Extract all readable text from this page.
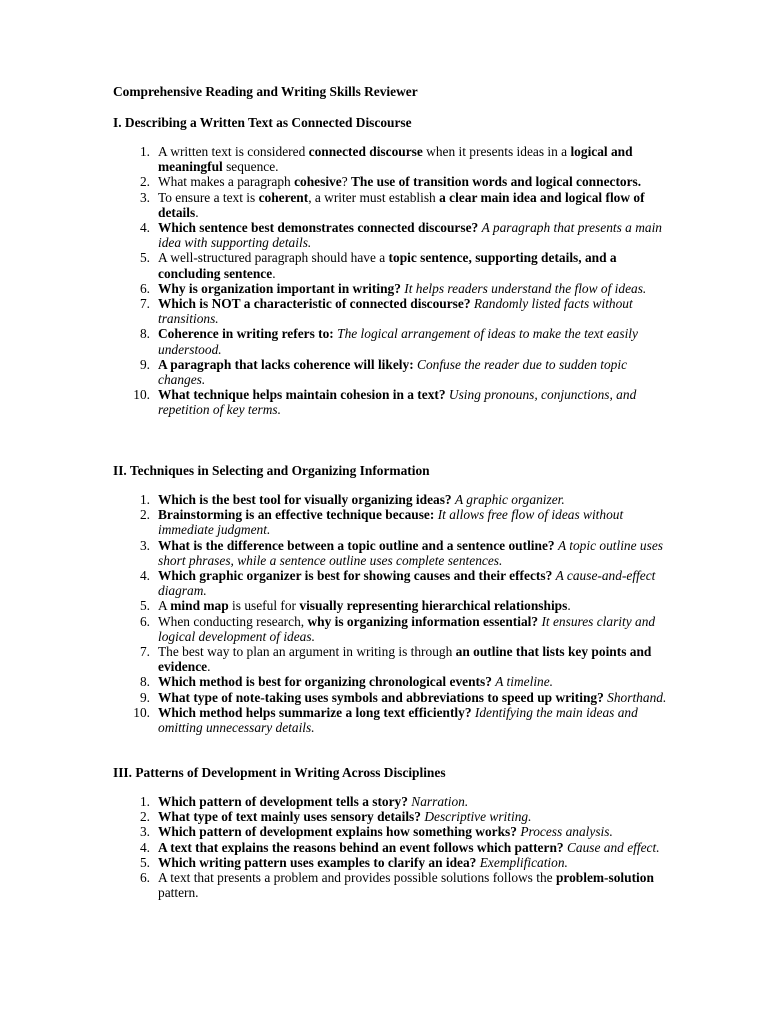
Comprehensive Reading and Writing Skills Reviewer
I. Describing a Written Text as Connected Discourse
1. A written text is considered connected discourse when it presents ideas in a logical and meaningful sequence.
2. What makes a paragraph cohesive? The use of transition words and logical connectors.
3. To ensure a text is coherent, a writer must establish a clear main idea and logical flow of details.
4. Which sentence best demonstrates connected discourse? A paragraph that presents a main idea with supporting details.
5. A well-structured paragraph should have a topic sentence, supporting details, and a concluding sentence.
6. Why is organization important in writing? It helps readers understand the flow of ideas.
7. Which is NOT a characteristic of connected discourse? Randomly listed facts without transitions.
8. Coherence in writing refers to: The logical arrangement of ideas to make the text easily understood.
9. A paragraph that lacks coherence will likely: Confuse the reader due to sudden topic changes.
10. What technique helps maintain cohesion in a text? Using pronouns, conjunctions, and repetition of key terms.
II. Techniques in Selecting and Organizing Information
1. Which is the best tool for visually organizing ideas? A graphic organizer.
2. Brainstorming is an effective technique because: It allows free flow of ideas without immediate judgment.
3. What is the difference between a topic outline and a sentence outline? A topic outline uses short phrases, while a sentence outline uses complete sentences.
4. Which graphic organizer is best for showing causes and their effects? A cause-and-effect diagram.
5. A mind map is useful for visually representing hierarchical relationships.
6. When conducting research, why is organizing information essential? It ensures clarity and logical development of ideas.
7. The best way to plan an argument in writing is through an outline that lists key points and evidence.
8. Which method is best for organizing chronological events? A timeline.
9. What type of note-taking uses symbols and abbreviations to speed up writing? Shorthand.
10. Which method helps summarize a long text efficiently? Identifying the main ideas and omitting unnecessary details.
III. Patterns of Development in Writing Across Disciplines
1. Which pattern of development tells a story? Narration.
2. What type of text mainly uses sensory details? Descriptive writing.
3. Which pattern of development explains how something works? Process analysis.
4. A text that explains the reasons behind an event follows which pattern? Cause and effect.
5. Which writing pattern uses examples to clarify an idea? Exemplification.
6. A text that presents a problem and provides possible solutions follows the problem-solution pattern.
